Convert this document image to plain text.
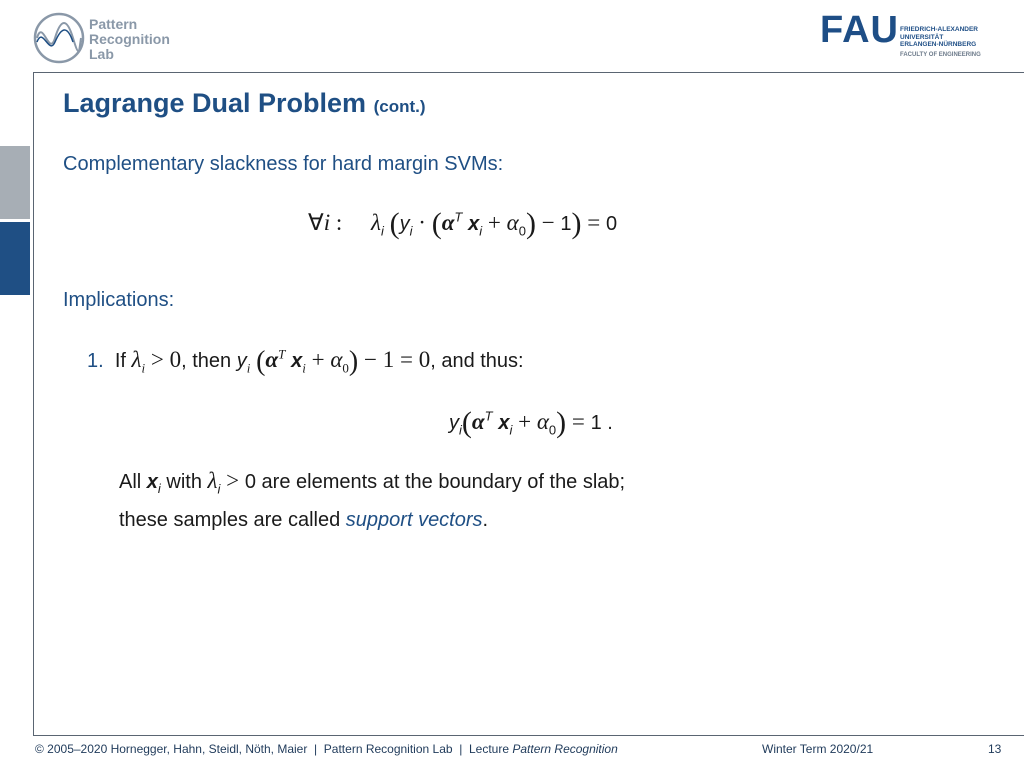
Pattern
Recognition
Lab
FAU FRIEDRICH-ALEXANDER
UNIVERSITÄT
ERLANGEN-NÜRNBERG
FACULTY OF ENGINEERING
Lagrange Dual Problem (cont.)
Complementary slackness for hard margin SVMs:
∀i :     $\lambda_i$ ($y_i \cdot (\alpha^T$ $x_i + \alpha_0) - 1) = 0$
Implications:
1. If $\lambda_i > 0$, then $y_i$ ($\alpha^T$ $x_i + \alpha_0) - 1 = 0$, and thus:
$y_i(\alpha^T$ $x_i + \alpha_0) = 1$ .
All $x_i$ with $\lambda_i > 0$ are elements at the boundary of the slab;
these samples are called support vectors.
© 2005–2020 Hornegger, Hahn, Steidl, Nöth, Maier  |  Pattern Recognition Lab  |  Lecture Pattern Recognition	Winter Term 2020/21	13
